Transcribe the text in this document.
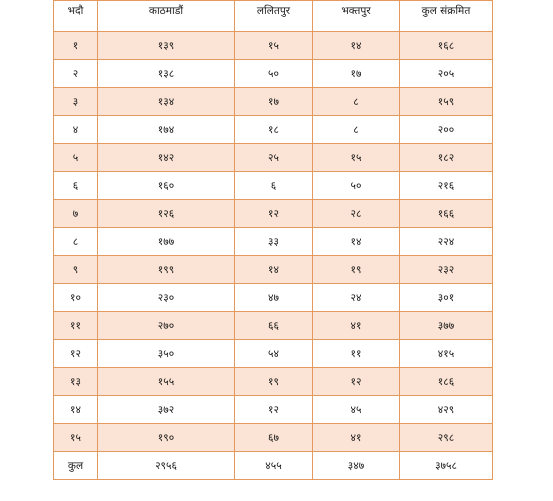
भदौ	काठमाडौं	ललितपुर	भक्तपुर	कुल संक्रमित
१	१३९	१५	१४	१६८
२	१३८	५०	१७	२०५
३	१३४	१७	८	१५९
४	१७४	१८	८	२००
५	१४२	२५	१५	१८२
६	१६०	६	५०	२१६
७	१२६	१२	२८	१६६
८	१७७	३३	१४	२२४
९	१९९	१४	१९	२३२
१०	२३०	४७	२४	३०१
११	२७०	६६	४१	३७७
१२	३५०	५४	११	४१५
१३	१५५	१९	१२	१८६
१४	३७२	१२	४५	४२९
१५	१९०	६७	४१	२९८
कुल	२९५६	४५५	३४७	३७५८
